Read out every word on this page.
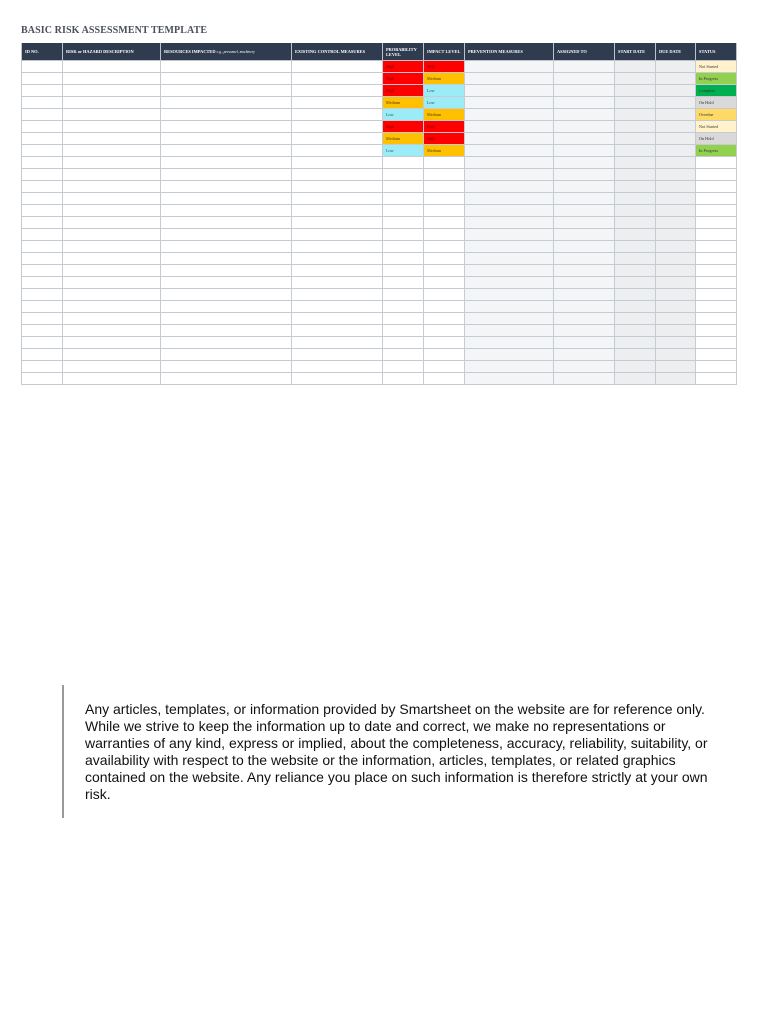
BASIC RISK ASSESSMENT TEMPLATE
ID NO.	RISK or HAZARD DESCRIPTION	RESOURCES IMPACTED e.g., personnel, machinery	EXISTING CONTROL MEASURES	PROBABILITY LEVEL	IMPACT LEVEL	PREVENTION MEASURES	ASSIGNED TO	START DATE	DUE DATE	STATUS
				High	High					Not Started
				High	Medium					In Progress
				High	Low					Complete
				Medium	Low					On Hold
				Low	Medium					Overdue
				High	High					Not Started
				Medium	High					On Hold
				Low	Medium					In Progress

Any articles, templates, or information provided by Smartsheet on the website are for reference only. While we strive to keep the information up to date and correct, we make no representations or warranties of any kind, express or implied, about the completeness, accuracy, reliability, suitability, or availability with respect to the website or the information, articles, templates, or related graphics contained on the website. Any reliance you place on such information is therefore strictly at your own risk.
